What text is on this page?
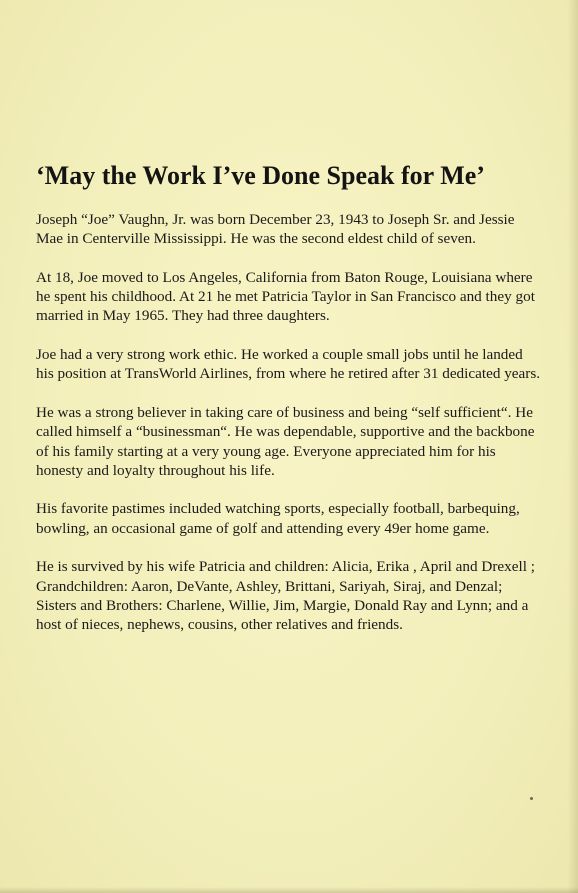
‘May the Work I’ve Done Speak for Me’

Joseph “Joe” Vaughn, Jr. was born December 23, 1943 to Joseph Sr. and Jessie Mae in Centerville Mississippi. He was the second eldest child of seven.

At 18, Joe moved to Los Angeles, California from Baton Rouge, Louisiana where he spent his childhood. At 21 he met Patricia Taylor in San Francisco and they got married in May 1965. They had three daughters.

Joe had a very strong work ethic. He worked a couple small jobs until he landed his position at TransWorld Airlines, from where he retired after 31 dedicated years.

He was a strong believer in taking care of business and being “self sufficient“. He called himself a “businessman“. He was dependable, supportive and the backbone of his family starting at a very young age. Everyone appreciated him for his honesty and loyalty throughout his life.

His favorite pastimes included watching sports, especially football, barbequing, bowling, an occasional game of golf and attending every 49er home game.

He is survived by his wife Patricia and children: Alicia, Erika , April and Drexell ; Grandchildren: Aaron, DeVante, Ashley, Brittani, Sariyah, Siraj, and Denzal; Sisters and Brothers: Charlene, Willie, Jim, Margie, Donald Ray and Lynn; and a host of nieces, nephews, cousins, other relatives and friends.
